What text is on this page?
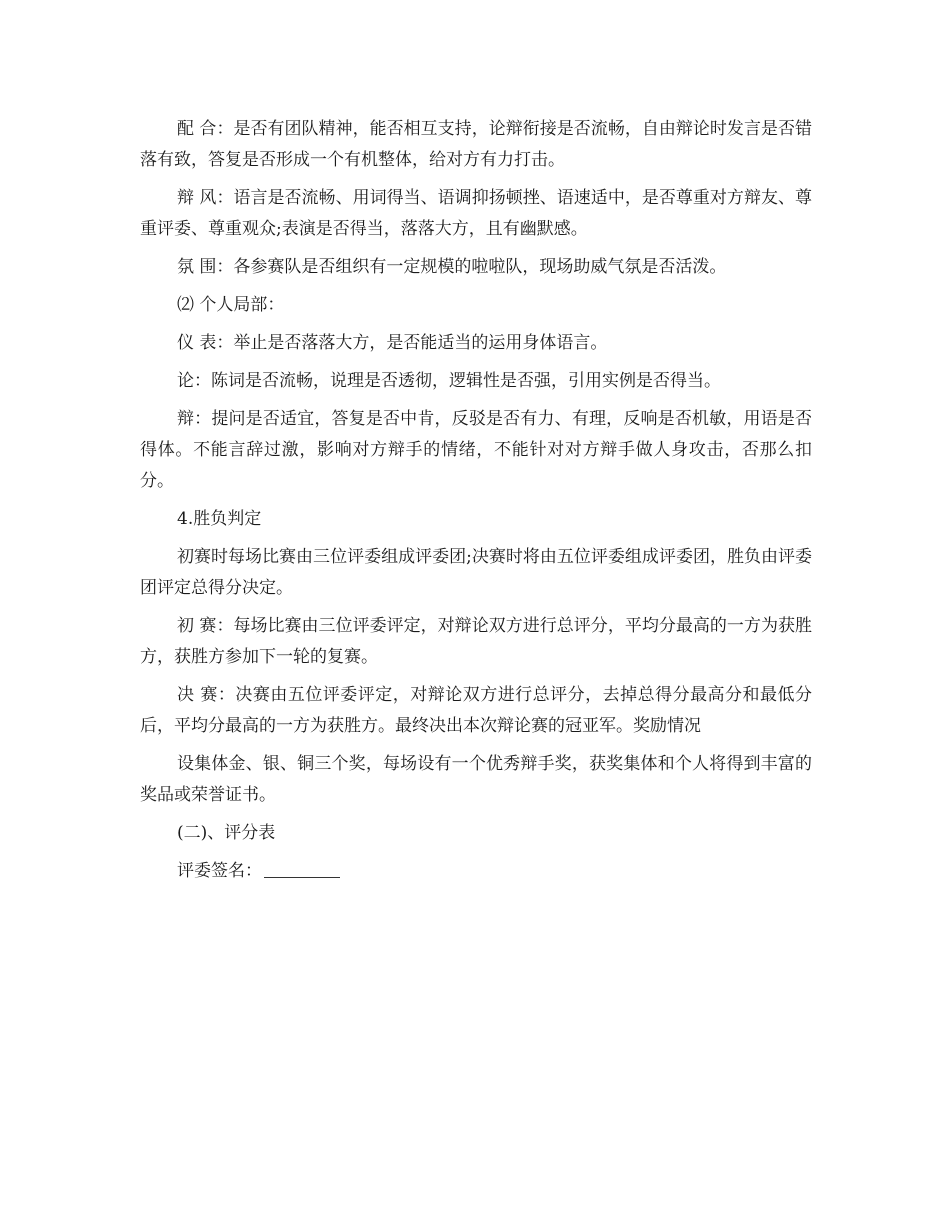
配 合：是否有团队精神，能否相互支持，论辩衔接是否流畅，自由辩论时发言是否错落有致，答复是否形成一个有机整体，给对方有力打击。

辩 风：语言是否流畅、用词得当、语调抑扬顿挫、语速适中，是否尊重对方辩友、尊重评委、尊重观众;表演是否得当，落落大方，且有幽默感。

氛 围：各参赛队是否组织有一定规模的啦啦队，现场助威气氛是否活泼。

⑵ 个人局部：

仪 表：举止是否落落大方，是否能适当的运用身体语言。

论：陈词是否流畅，说理是否透彻，逻辑性是否强，引用实例是否得当。

辩：提问是否适宜，答复是否中肯，反驳是否有力、有理，反响是否机敏，用语是否得体。不能言辞过激，影响对方辩手的情绪，不能针对对方辩手做人身攻击，否那么扣分。

4.胜负判定

初赛时每场比赛由三位评委组成评委团;决赛时将由五位评委组成评委团，胜负由评委团评定总得分决定。

初 赛：每场比赛由三位评委评定，对辩论双方进行总评分，平均分最高的一方为获胜方，获胜方参加下一轮的复赛。

决 赛：决赛由五位评委评定，对辩论双方进行总评分，去掉总得分最高分和最低分后，平均分最高的一方为获胜方。最终决出本次辩论赛的冠亚军。奖励情况

设集体金、银、铜三个奖，每场设有一个优秀辩手奖，获奖集体和个人将得到丰富的奖品或荣誉证书。

(二)、评分表

评委签名：
